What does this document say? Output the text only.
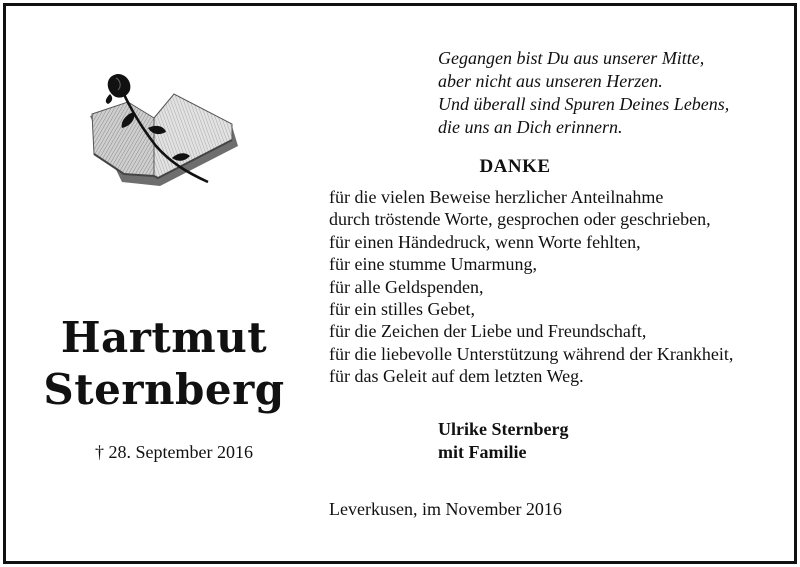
Hartmut
Sternberg
† 28. September 2016
Gegangen bist Du aus unserer Mitte,
aber nicht aus unseren Herzen.
Und überall sind Spuren Deines Lebens,
die uns an Dich erinnern.
DANKE
für die vielen Beweise herzlicher Anteilnahme
durch tröstende Worte, gesprochen oder geschrieben,
für einen Händedruck, wenn Worte fehlten,
für eine stumme Umarmung,
für alle Geldspenden,
für ein stilles Gebet,
für die Zeichen der Liebe und Freundschaft,
für die liebevolle Unterstützung während der Krankheit,
für das Geleit auf dem letzten Weg.
Ulrike Sternberg
mit Familie
Leverkusen, im November 2016
